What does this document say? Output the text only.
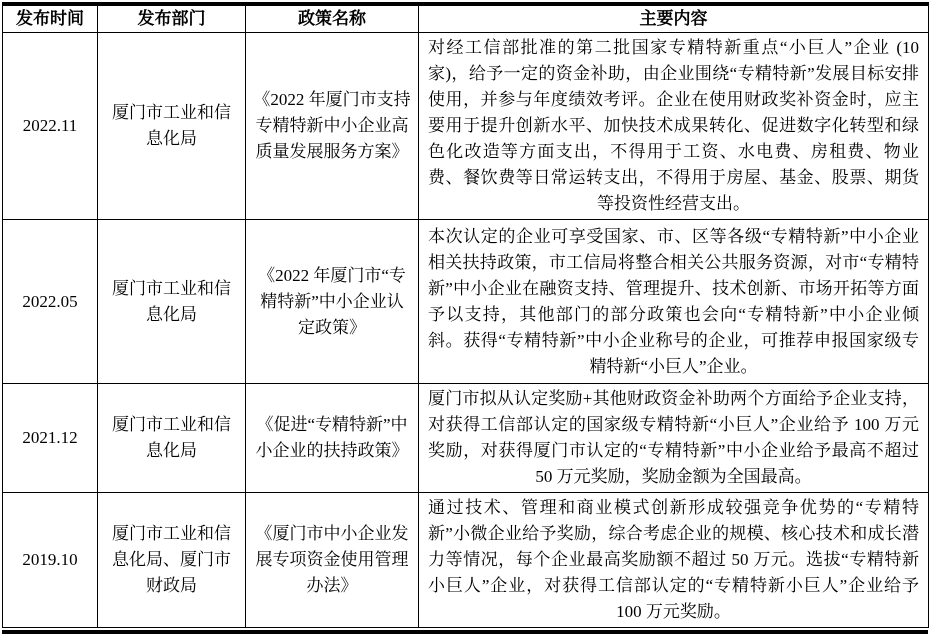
发布时间	发布部门	政策名称	主要内容
2022.11	厦门市工业和信息化局	《2022 年厦门市支持专精特新中小企业高质量发展服务方案》	对经工信部批准的第二批国家专精特新重点“小巨人”企业 (10 家)，给予一定的资金补助，由企业围绕“专精特新”发展目标安排使用，并参与年度绩效考评。企业在使用财政奖补资金时，应主要用于提升创新水平、加快技术成果转化、促进数字化转型和绿色化改造等方面支出，不得用于工资、水电费、房租费、物业费、餐饮费等日常运转支出，不得用于房屋、基金、股票、期货等投资性经营支出。
2022.05	厦门市工业和信息化局	《2022 年厦门市“专精特新”中小企业认定政策》	本次认定的企业可享受国家、市、区等各级“专精特新”中小企业相关扶持政策，市工信局将整合相关公共服务资源，对市“专精特新”中小企业在融资支持、管理提升、技术创新、市场开拓等方面予以支持，其他部门的部分政策也会向“专精特新”中小企业倾斜。获得“专精特新”中小企业称号的企业，可推荐申报国家级专精特新“小巨人”企业。
2021.12	厦门市工业和信息化局	《促进“专精特新”中小企业的扶持政策》	厦门市拟从认定奖励+其他财政资金补助两个方面给予企业支持，对获得工信部认定的国家级专精特新“小巨人”企业给予 100 万元奖励，对获得厦门市认定的“专精特新”中小企业给予最高不超过 50 万元奖励，奖励金额为全国最高。
2019.10	厦门市工业和信息化局、厦门市财政局	《厦门市中小企业发展专项资金使用管理办法》	通过技术、管理和商业模式创新形成较强竞争优势的“专精特新”小微企业给予奖励，综合考虑企业的规模、核心技术和成长潜力等情况，每个企业最高奖励额不超过 50 万元。选拔“专精特新小巨人”企业，对获得工信部认定的“专精特新小巨人”企业给予 100 万元奖励。
